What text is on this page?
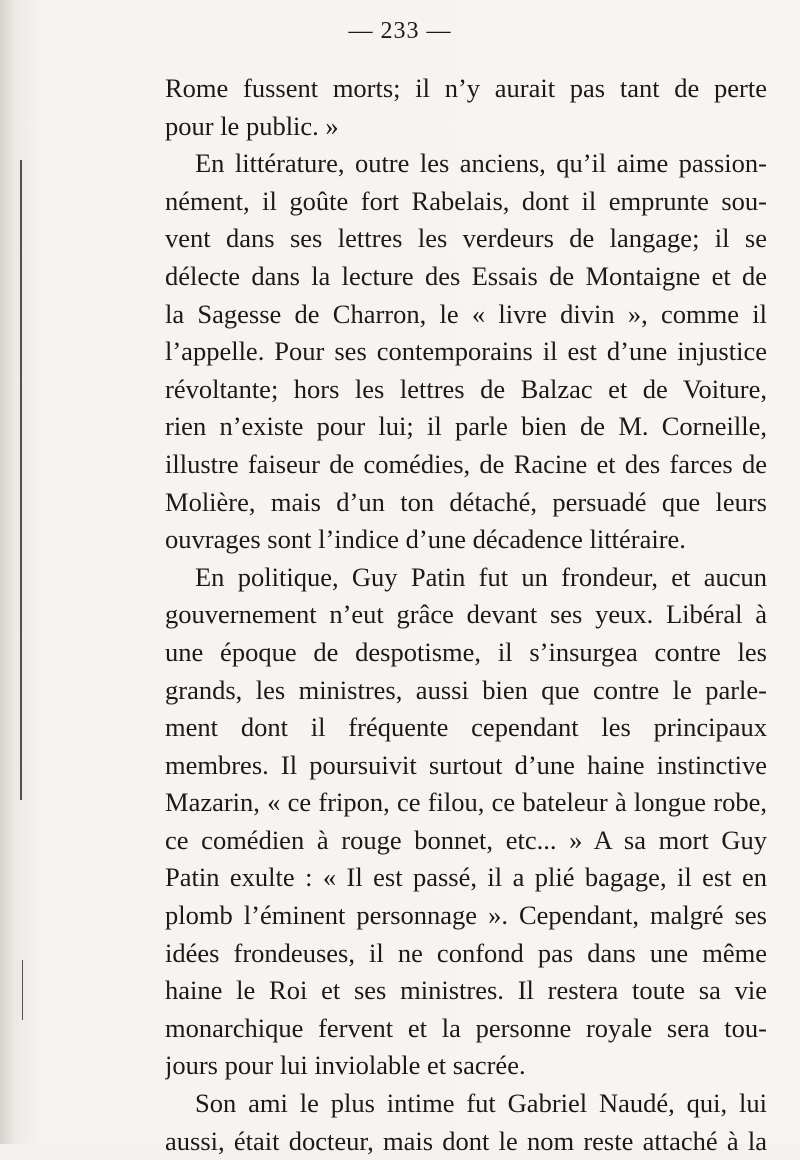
— 233 —
Rome fussent morts; il n’y aurait pas tant de perte
pour le public. »
En littérature, outre les anciens, qu’il aime passion-
nément, il goûte fort Rabelais, dont il emprunte sou-
vent dans ses lettres les verdeurs de langage; il se
délecte dans la lecture des Essais de Montaigne et de
la Sagesse de Charron, le « livre divin », comme il
l’appelle. Pour ses contemporains il est d’une injustice
révoltante; hors les lettres de Balzac et de Voiture,
rien n’existe pour lui; il parle bien de M. Corneille,
illustre faiseur de comédies, de Racine et des farces de
Molière, mais d’un ton détaché, persuadé que leurs
ouvrages sont l’indice d’une décadence littéraire.
En politique, Guy Patin fut un frondeur, et aucun
gouvernement n’eut grâce devant ses yeux. Libéral à
une époque de despotisme, il s’insurgea contre les
grands, les ministres, aussi bien que contre le parle-
ment dont il fréquente cependant les principaux
membres. Il poursuivit surtout d’une haine instinctive
Mazarin, « ce fripon, ce filou, ce bateleur à longue robe,
ce comédien à rouge bonnet, etc... » A sa mort Guy
Patin exulte : « Il est passé, il a plié bagage, il est en
plomb l’éminent personnage ». Cependant, malgré ses
idées frondeuses, il ne confond pas dans une même
haine le Roi et ses ministres. Il restera toute sa vie
monarchique fervent et la personne royale sera tou-
jours pour lui inviolable et sacrée.
Son ami le plus intime fut Gabriel Naudé, qui, lui
aussi, était docteur, mais dont le nom reste attaché à la
